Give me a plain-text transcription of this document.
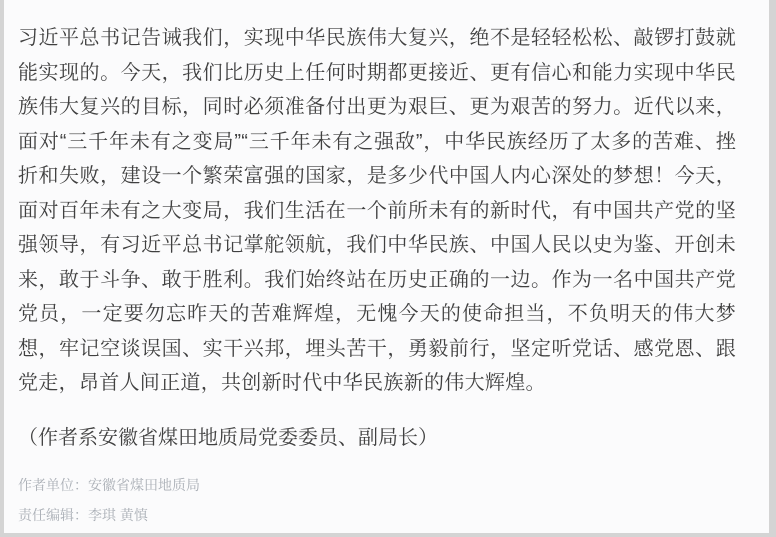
习近平总书记告诫我们，实现中华民族伟大复兴，绝不是轻轻松松、敲锣打鼓就能实现的。今天，我们比历史上任何时期都更接近、更有信心和能力实现中华民族伟大复兴的目标，同时必须准备付出更为艰巨、更为艰苦的努力。近代以来，面对“三千年未有之变局”“三千年未有之强敌”，中华民族经历了太多的苦难、挫折和失败，建设一个繁荣富强的国家，是多少代中国人内心深处的梦想！今天，面对百年未有之大变局，我们生活在一个前所未有的新时代，有中国共产党的坚强领导，有习近平总书记掌舵领航，我们中华民族、中国人民以史为鉴、开创未来，敢于斗争、敢于胜利。我们始终站在历史正确的一边。作为一名中国共产党党员，一定要勿忘昨天的苦难辉煌，无愧今天的使命担当，不负明天的伟大梦想，牢记空谈误国、实干兴邦，埋头苦干，勇毅前行，坚定听党话、感党恩、跟党走，昂首人间正道，共创新时代中华民族新的伟大辉煌。

（作者系安徽省煤田地质局党委委员、副局长）

作者单位：安徽省煤田地质局

责任编辑：李琪 黄慎
